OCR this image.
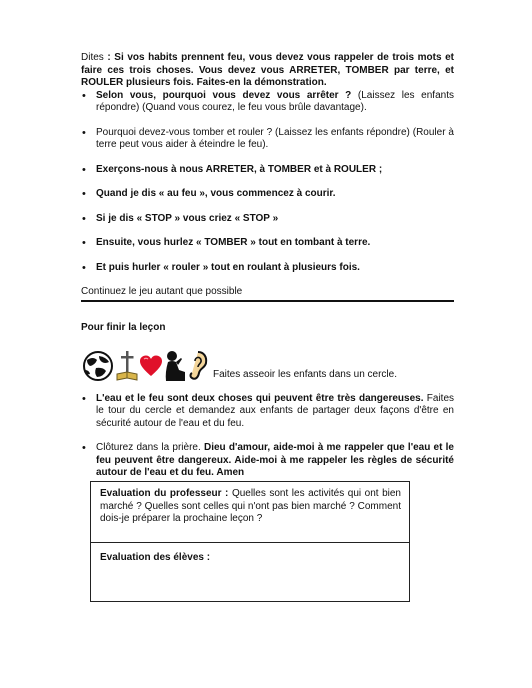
Dites : Si vos habits prennent feu, vous devez vous rappeler de trois mots et faire ces trois choses. Vous devez vous ARRETER, TOMBER par terre, et ROULER plusieurs fois. Faites-en la démonstration.

• Selon vous, pourquoi vous devez vous arrêter ? (Laissez les enfants répondre) (Quand vous courez, le feu vous brûle davantage).
• Pourquoi devez-vous tomber et rouler ? (Laissez les enfants répondre) (Rouler à terre peut vous aider à éteindre le feu).
• Exerçons-nous à nous ARRETER, à TOMBER et à ROULER ;
• Quand je dis « au feu », vous commencez à courir.
• Si je dis « STOP » vous criez « STOP »
• Ensuite, vous hurlez « TOMBER » tout en tombant à terre.
• Et puis hurler « rouler » tout en roulant à plusieurs fois.

Continuez le jeu autant que possible

Pour finir la leçon

Faites asseoir les enfants dans un cercle.
• L'eau et le feu sont deux choses qui peuvent être très dangereuses. Faites le tour du cercle et demandez aux enfants de partager deux façons d'être en sécurité autour de l'eau et du feu.
• Clôturez dans la prière. Dieu d'amour, aide-moi à me rappeler que l'eau et le feu peuvent être dangereux. Aide-moi à me rappeler les règles de sécurité autour de l'eau et du feu. Amen

Evaluation du professeur : Quelles sont les activités qui ont bien marché ? Quelles sont celles qui n'ont pas bien marché ? Comment dois-je préparer la prochaine leçon ?

Evaluation des élèves :
